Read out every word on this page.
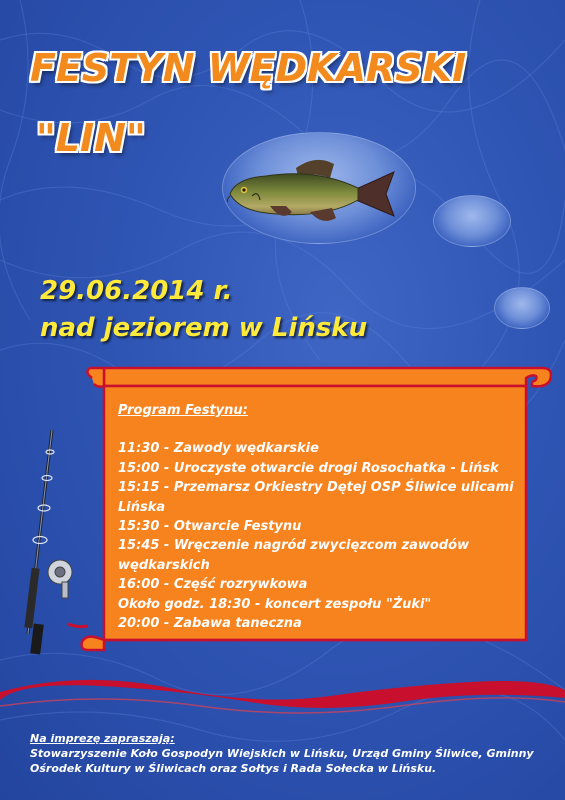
FESTYN WĘDKARSKI
"LIN"
29.06.2014 r.
nad jeziorem w Lińsku
Program Festynu:
11:30 - Zawody wędkarskie
15:00 - Uroczyste otwarcie drogi Rosochatka - Lińsk
15:15 - Przemarsz Orkiestry Dętej OSP Śliwice ulicami Lińska
15:30 - Otwarcie Festynu
15:45 - Wręczenie nagród zwycięzcom zawodów wędkarskich
16:00 - Część rozrywkowa
Około godz. 18:30 - koncert zespołu "Żuki"
20:00 - Zabawa taneczna
Na imprezę zapraszają:
Stowarzyszenie Koło Gospodyn Wiejskich w Lińsku, Urząd Gminy Śliwice, Gminny Ośrodek Kultury w Śliwicach oraz Sołtys i Rada Sołecka w Lińsku.
